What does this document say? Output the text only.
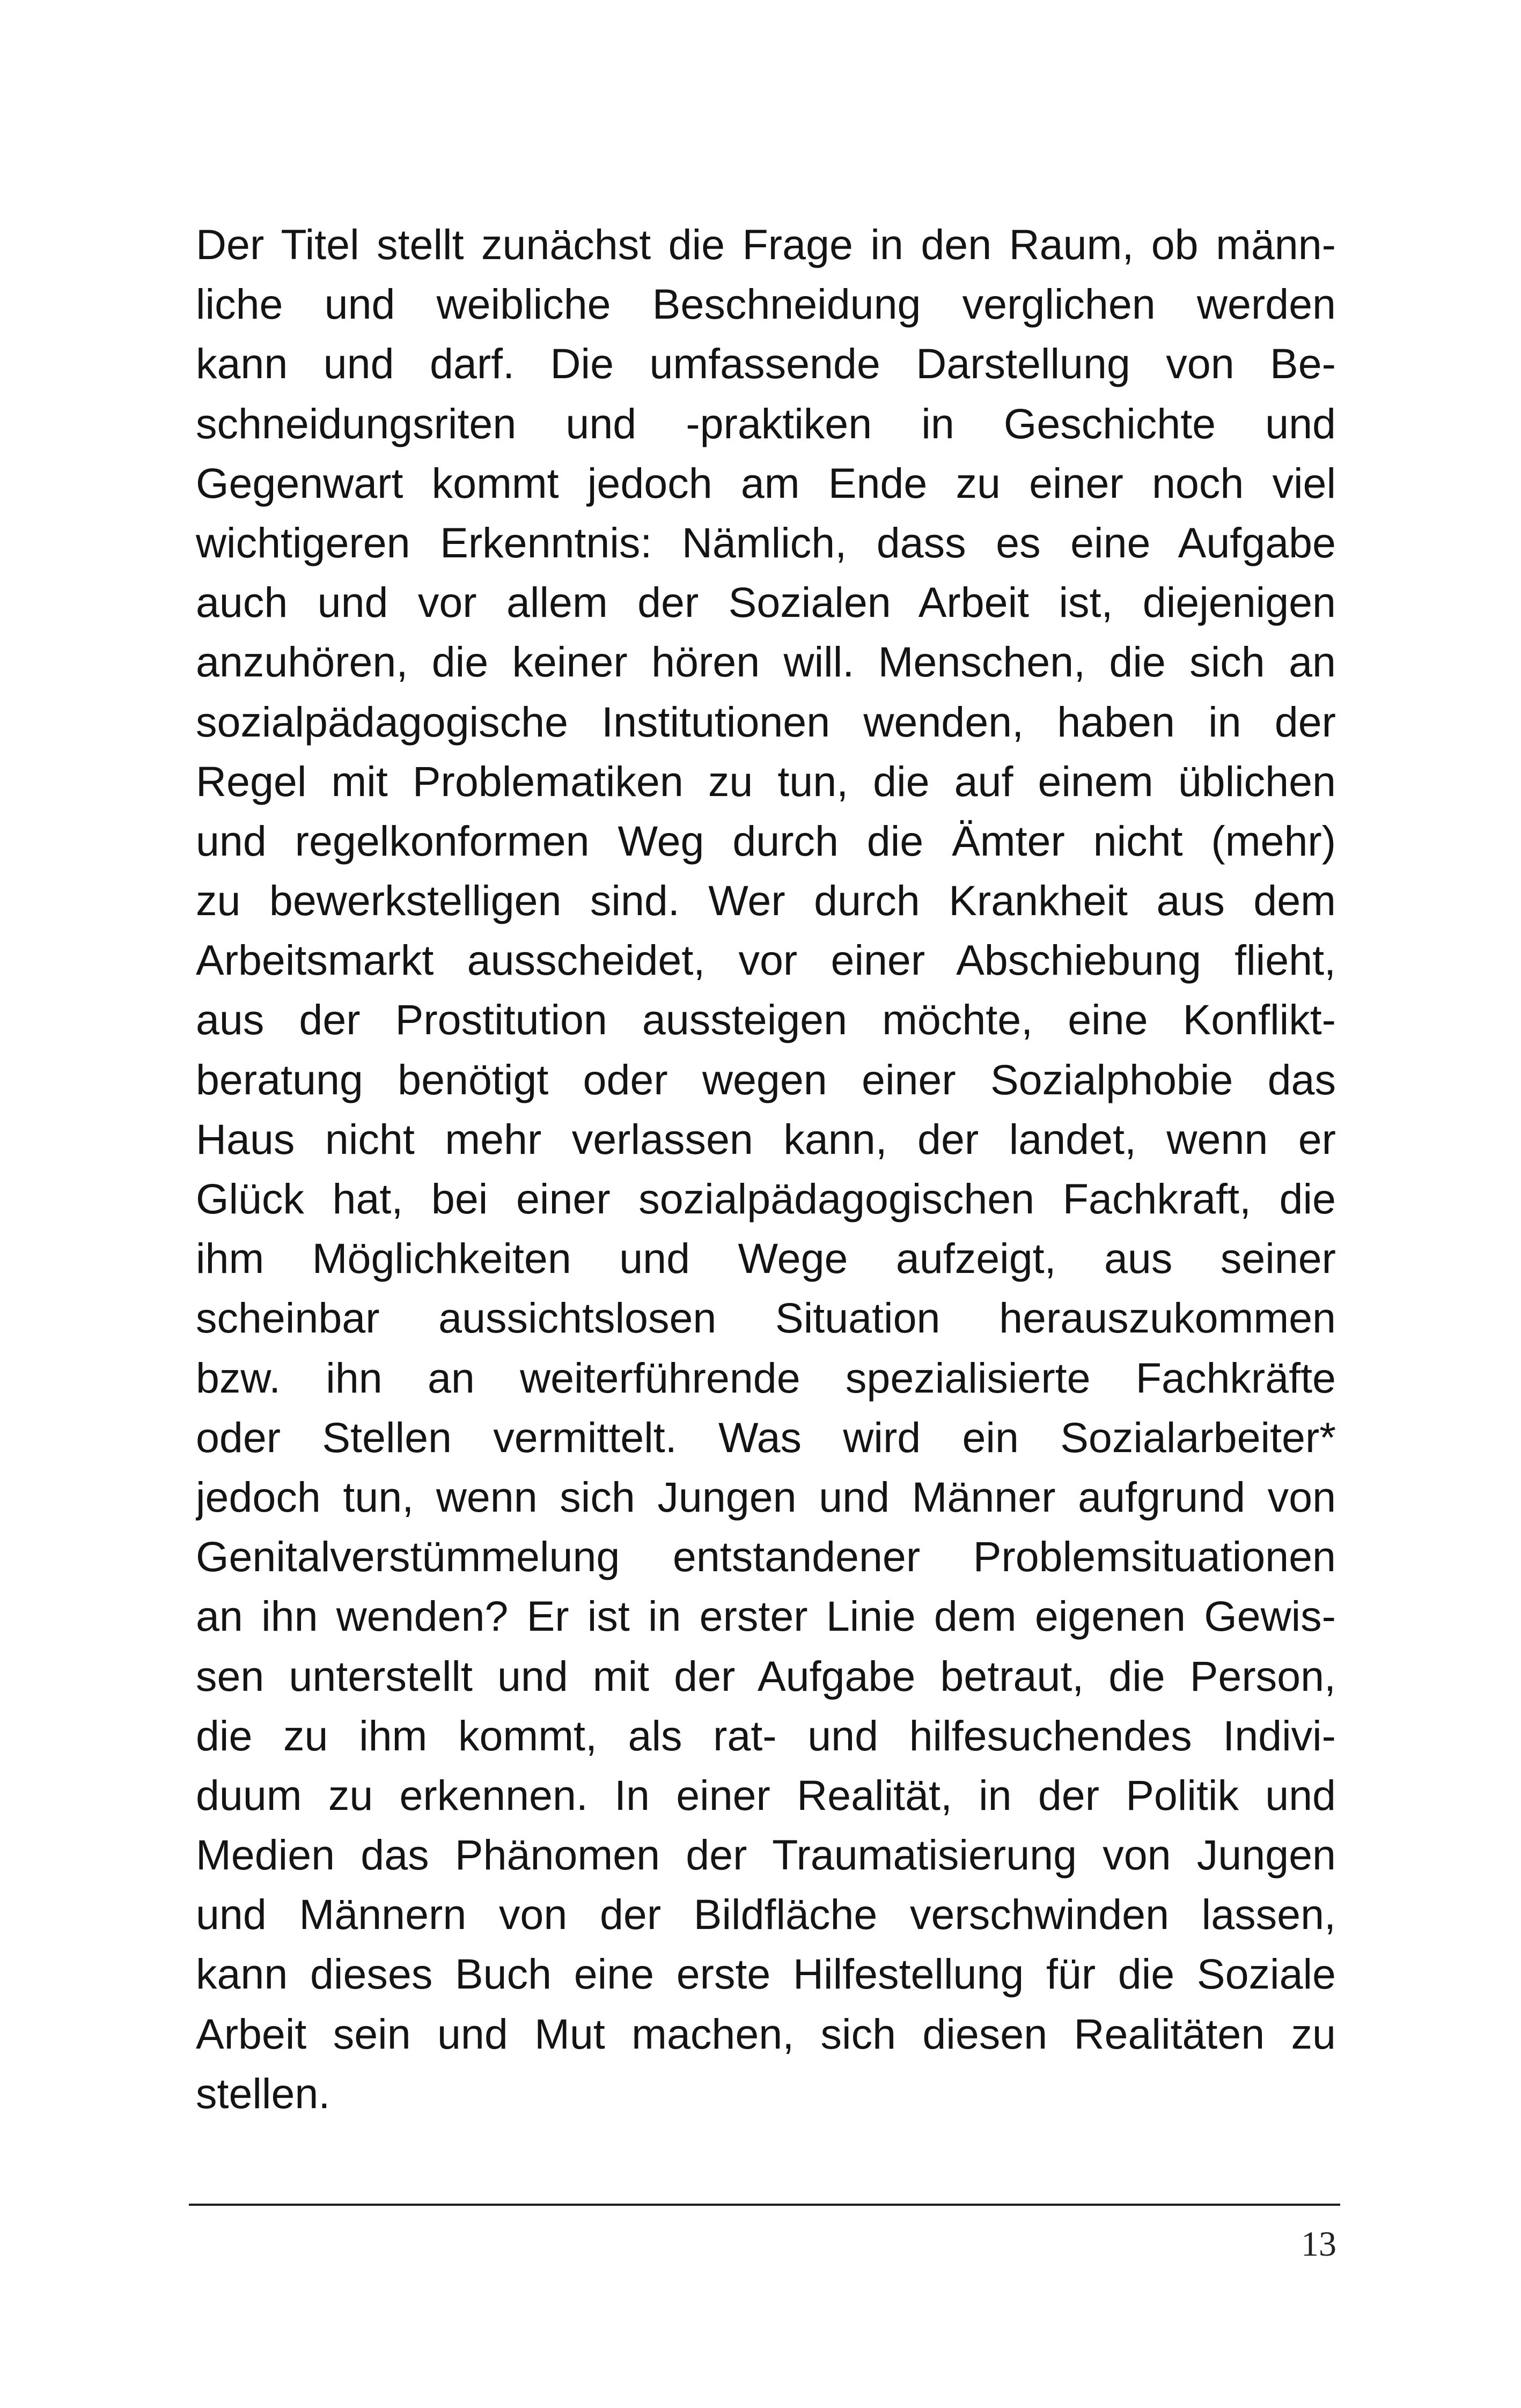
Der Titel stellt zunächst die Frage in den Raum, ob männ-
liche und weibliche Beschneidung verglichen werden
kann und darf. Die umfassende Darstellung von Be-
schneidungsriten und -praktiken in Geschichte und
Gegenwart kommt jedoch am Ende zu einer noch viel
wichtigeren Erkenntnis: Nämlich, dass es eine Aufgabe
auch und vor allem der Sozialen Arbeit ist, diejenigen
anzuhören, die keiner hören will. Menschen, die sich an
sozialpädagogische Institutionen wenden, haben in der
Regel mit Problematiken zu tun, die auf einem üblichen
und regelkonformen Weg durch die Ämter nicht (mehr)
zu bewerkstelligen sind. Wer durch Krankheit aus dem
Arbeitsmarkt ausscheidet, vor einer Abschiebung flieht,
aus der Prostitution aussteigen möchte, eine Konflikt-
beratung benötigt oder wegen einer Sozialphobie das
Haus nicht mehr verlassen kann, der landet, wenn er
Glück hat, bei einer sozialpädagogischen Fachkraft, die
ihm Möglichkeiten und Wege aufzeigt, aus seiner
scheinbar aussichtslosen Situation herauszukommen
bzw. ihn an weiterführende spezialisierte Fachkräfte
oder Stellen vermittelt. Was wird ein Sozialarbeiter*
jedoch tun, wenn sich Jungen und Männer aufgrund von
Genitalverstümmelung entstandener Problemsituationen
an ihn wenden? Er ist in erster Linie dem eigenen Gewis-
sen unterstellt und mit der Aufgabe betraut, die Person,
die zu ihm kommt, als rat- und hilfesuchendes Indivi-
duum zu erkennen. In einer Realität, in der Politik und
Medien das Phänomen der Traumatisierung von Jungen
und Männern von der Bildfläche verschwinden lassen,
kann dieses Buch eine erste Hilfestellung für die Soziale
Arbeit sein und Mut machen, sich diesen Realitäten zu
stellen.
13
